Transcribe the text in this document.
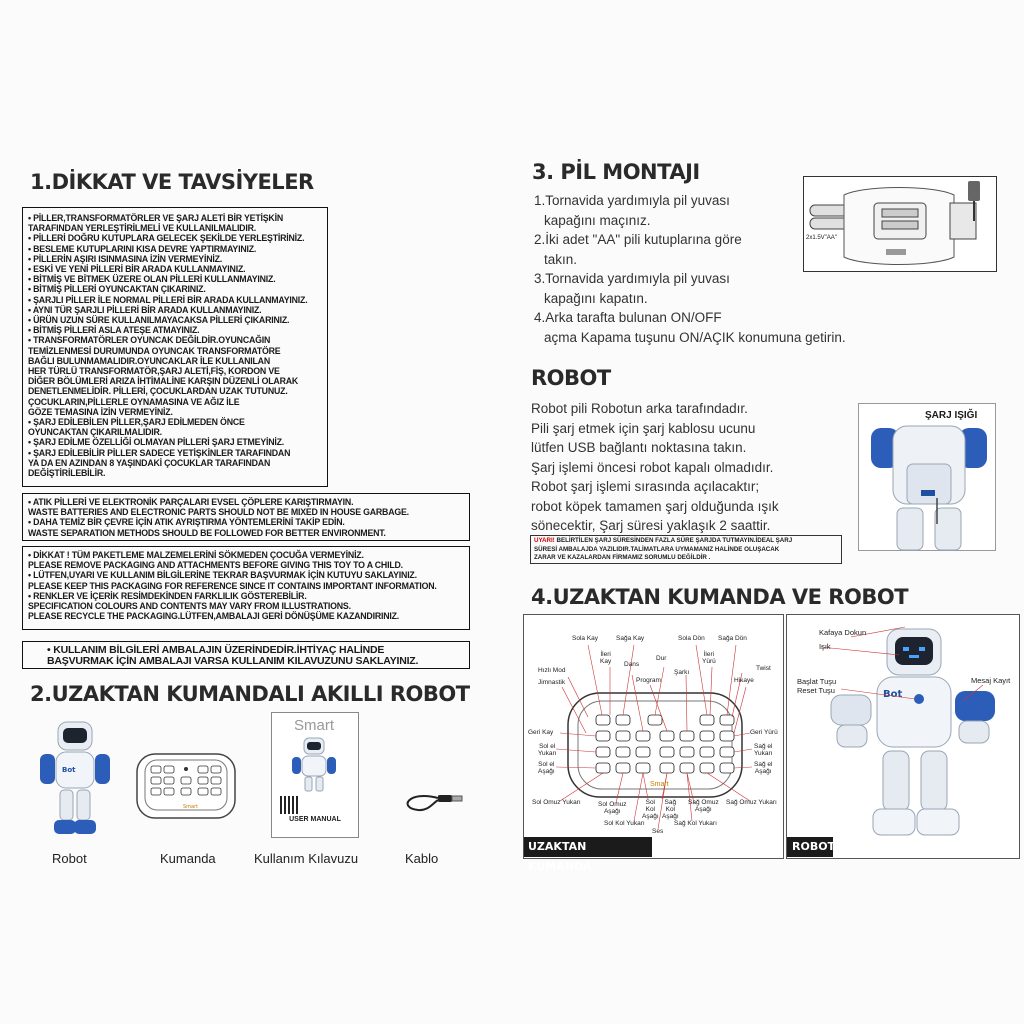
1.DİKKAT VE TAVSİYELER
• PİLLER,TRANSFORMATÖRLER VE ŞARJ ALETİ BİR YETİŞKİN
TARAFINDAN YERLEŞTİRİLMELİ VE KULLANILMALIDIR.
• PİLLERİ DOĞRU KUTUPLARA GELECEK ŞEKİLDE YERLEŞTİRİNİZ.
• BESLEME KUTUPLARINI KISA DEVRE YAPTIRMAYINIZ.
• PİLLERİN AŞIRI ISINMASINA İZİN VERMEYİNİZ.
• ESKİ VE YENİ PİLLERİ BİR ARADA KULLANMAYINIZ.
• BİTMİŞ VE BİTMEK ÜZERE OLAN PİLLERİ KULLANMAYINIZ.
• BİTMİŞ PİLLERİ OYUNCAKTAN ÇIKARINIZ.
• ŞARJLI PİLLER İLE NORMAL PİLLERİ BİR ARADA KULLANMAYINIZ.
• AYNI TÜR ŞARJLI PİLLERİ BİR ARADA KULLANMAYINIZ.
• ÜRÜN UZUN SÜRE KULLANILMAYACAKSA PİLLERİ ÇIKARINIZ.
• BİTMİŞ PİLLERİ ASLA ATEŞE ATMAYINIZ.
• TRANSFORMATÖRLER OYUNCAK DEĞİLDİR.OYUNCAĞIN
TEMİZLENMESİ DURUMUNDA OYUNCAK TRANSFORMATÖRE
BAĞLI BULUNMAMALIDIR.OYUNCAKLAR İLE KULLANILAN
HER TÜRLÜ TRANSFORMATÖR,ŞARJ ALETİ,FİŞ, KORDON VE
DİĞER BÖLÜMLERİ ARIZA İHTİMALİNE KARŞIN DÜZENLİ OLARAK
DENETLENMELİDİR. PİLLERİ, ÇOCUKLARDAN UZAK TUTUNUZ.
ÇOCUKLARIN,PİLLERLE OYNAMASINA VE AĞIZ İLE
GÖZE TEMASINA İZİN VERMEYİNİZ.
• ŞARJ EDİLEBİLEN PİLLER,ŞARJ EDİLMEDEN ÖNCE
OYUNCAKTAN ÇIKARILMALIDIR.
• ŞARJ EDİLME ÖZELLİĞİ OLMAYAN PİLLERİ ŞARJ ETMEYİNİZ.
• ŞARJ EDİLEBİLİR PİLLER SADECE YETİŞKİNLER TARAFINDAN
YA DA EN AZINDAN 8 YAŞINDAKİ ÇOCUKLAR TARAFINDAN
DEĞİŞTİRİLEBİLİR.
• ATIK PİLLERİ VE ELEKTRONİK PARÇALARI EVSEL ÇÖPLERE KARIŞTIRMAYIN.
WASTE BATTERIES AND ELECTRONIC PARTS SHOULD NOT BE MIXED IN HOUSE GARBAGE.
• DAHA TEMİZ BİR ÇEVRE İÇİN ATIK AYRIŞTIRMA YÖNTEMLERİNİ TAKİP EDİN.
WASTE SEPARATION METHODS SHOULD BE FOLLOWED FOR BETTER ENVIRONMENT.
• DİKKAT ! TÜM PAKETLEME MALZEMELERİNİ SÖKMEDEN ÇOCUĞA VERMEYİNİZ.
PLEASE REMOVE PACKAGING AND ATTACHMENTS BEFORE GIVING THIS TOY TO A CHILD.
• LÜTFEN,UYARI VE KULLANIM BİLGİLERİNE TEKRAR BAŞVURMAK İÇİN KUTUYU SAKLAYINIZ.
PLEASE KEEP THIS PACKAGING FOR REFERENCE SINCE IT CONTAINS IMPORTANT INFORMATION.
• RENKLER VE İÇERİK RESİMDEKİNDEN FARKLILIK GÖSTEREBİLİR.
SPECIFICATION COLOURS AND CONTENTS MAY VARY FROM ILLUSTRATIONS.
PLEASE RECYCLE THE PACKAGING.LÜTFEN,AMBALAJI GERİ DÖNÜŞÜME KAZANDIRINIZ.
• KULLANIM BİLGİLERİ AMBALAJIN ÜZERİNDEDİR.İHTİYAÇ HALİNDE
BAŞVURMAK İÇİN AMBALAJI VARSA KULLANIM KILAVUZUNU SAKLAYINIZ.
2.UZAKTAN KUMANDALI AKILLI ROBOT
Bot
Smart
Smart
USER MANUAL
Robot	Kumanda	Kullanım Kılavuzu	Kablo
3. PİL MONTAJI
1.Tornavida yardımıyla pil yuvası
kapağını maçınız.
2.İki adet "AA" pili kutuplarına göre
takın.
3.Tornavida yardımıyla pil yuvası
kapağını kapatın.
4.Arka tarafta bulunan ON/OFF
açma Kapama tuşunu ON/AÇIK konumuna getirin.
2x1.5V"AA"
ROBOT
Robot pili Robotun arka tarafındadır.
Pili şarj etmek için şarj kablosu ucunu
lütfen USB bağlantı noktasına takın.
Şarj işlemi öncesi robot kapalı olmadıdır.
Robot şarj işlemi sırasında açılacaktır;
robot köpek tamamen şarj olduğunda ışık
sönecektir, Şarj süresi yaklaşık 2 saattir.
ŞARJ IŞIĞI
UYARI! BELİRTİLEN ŞARJ SÜRESİNDEN FAZLA SÜRE ŞARJDA TUTMAYIN.İDEAL ŞARJ
SÜRESİ AMBALAJDA YAZILIDIR.TALİMATLARA UYMAMANIZ HALİNDE OLUŞACAK
ZARAR VE KAZALARDAN FİRMAMIZ SORUMLU DEĞİLDİR .
4.UZAKTAN KUMANDA VE ROBOT
Sola Kay	Sağa Kay	Sola Dön Sağa Dön
İleri
Kay Dans
Dur
İleri
Yürü
Hızlı Mod	Şarkı
Twist
Program
Jimnastik	Hikaye
Geri Kay	Geri Yürü
Sol el
Yukarı
Sağ el
Yukarı
Sol el
Aşağı
Sağ el
Aşağı
Smart
Sol Omuz Yukarı	Sol Omuz
Aşağı
Sol
Kol
Aşağı
Sağ
Kol
Aşağı
Sağ Omuz
Aşağı
Sağ Omuz Yukarı
Sol Kol Yukarı	Sağ Kol Yukarı
Ses
UZAKTAN KUMANDA
Bot
Kafaya Dokun
Işık
Başlat Tuşu
Reset Tuşu
Mesaj Kayıt
ROBOT
